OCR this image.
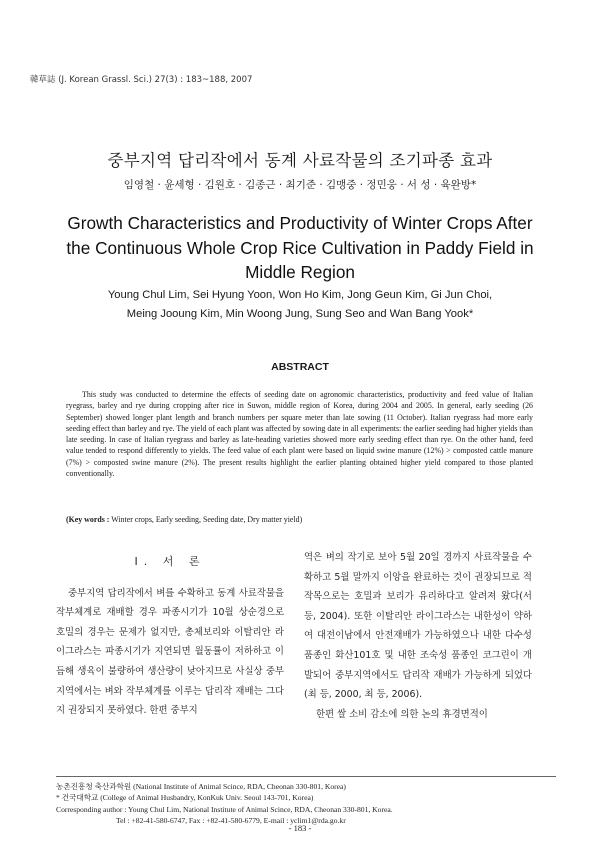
韓草誌 (J. Korean Grassl. Sci.) 27(3) : 183~188, 2007
중부지역 답리작에서 동계 사료작물의 조기파종 효과
임영철 · 윤세형 · 김원호 · 김종근 · 최기준 · 김맹중 · 정민웅 · 서 성 · 육완방*
Growth Characteristics and Productivity of Winter Crops After
the Continuous Whole Crop Rice Cultivation in Paddy Field in
Middle Region
Young Chul Lim, Sei Hyung Yoon, Won Ho Kim, Jong Geun Kim, Gi Jun Choi,
Meing Jooung Kim, Min Woong Jung, Sung Seo and Wan Bang Yook*
ABSTRACT
This study was conducted to determine the effects of seeding date on agronomic characteristics, productivity and feed value of Italian ryegrass, barley and rye during cropping after rice in Suwon, middle region of Korea, during 2004 and 2005. In general, early seeding (26 September) showed longer plant length and branch numbers per square meter than late sowing (11 October). Italian ryegrass had more early seeding effect than barley and rye. The yield of each plant was affected by sowing date in all experiments: the earlier seeding had higher yields than late seeding. In case of Italian ryegrass and barley as late-heading varieties showed more early seeding effect than rye. On the other hand, feed value tended to respond differently to yields. The feed value of each plant were based on liquid swine manure (12%) > composted cattle manure (7%) > composted swine manure (2%). The present results highlight the earlier planting obtained higher yield compared to those planted conventionally.
(Key words : Winter crops, Early seeding, Seeding date, Dry matter yield)
Ⅰ. 서 론

중부지역 답리작에서 벼를 수확하고 동계 사료작물을 작부체계로 재배할 경우 파종시기가 10월 상순경으로 호밀의 경우는 문제가 없지만, 총체보리와 이탈리안 라이그라스는 파종시기가 지연되면 월동률이 저하하고 이듬해 생육이 불량하여 생산량이 낮아지므로 사실상 중부지역에서는 벼와 작부체계를 이루는 답리작 재배는 그다지 권장되지 못하였다. 한편 중부지

역은 벼의 작기로 보아 5월 20일 경까지 사료작물을 수확하고 5월 말까지 이앙을 완료하는 것이 권장되므로 적 작목으로는 호밀과 보리가 유리하다고 알려져 왔다(서 등, 2004). 또한 이탈리안 라이그라스는 내한성이 약하여 대전이남에서 안전재배가 가능하였으나 내한 다수성 품종인 화산101호 및 내한 조숙성 품종인 코그린이 개발되어 중부지역에서도 답리작 재배가 가능하게 되었다(최 등, 2000, 최 등, 2006).

한편 쌀 소비 감소에 의한 논의 휴경면적이

농촌진흥청 축산과학원 (National Institute of Animal Scince, RDA, Cheonan 330-801, Korea)
* 건국대학교 (College of Animal Husbandry, KonKuk Univ. Seoul 143-701, Korea)
Corresponding author : Young Chul Lim, National Institute of Animal Scince, RDA, Cheonan 330-801, Korea.
Tel : +82-41-580-6747, Fax : +82-41-580-6779, E-mail : yclim1@rda.go.kr
- 183 -
